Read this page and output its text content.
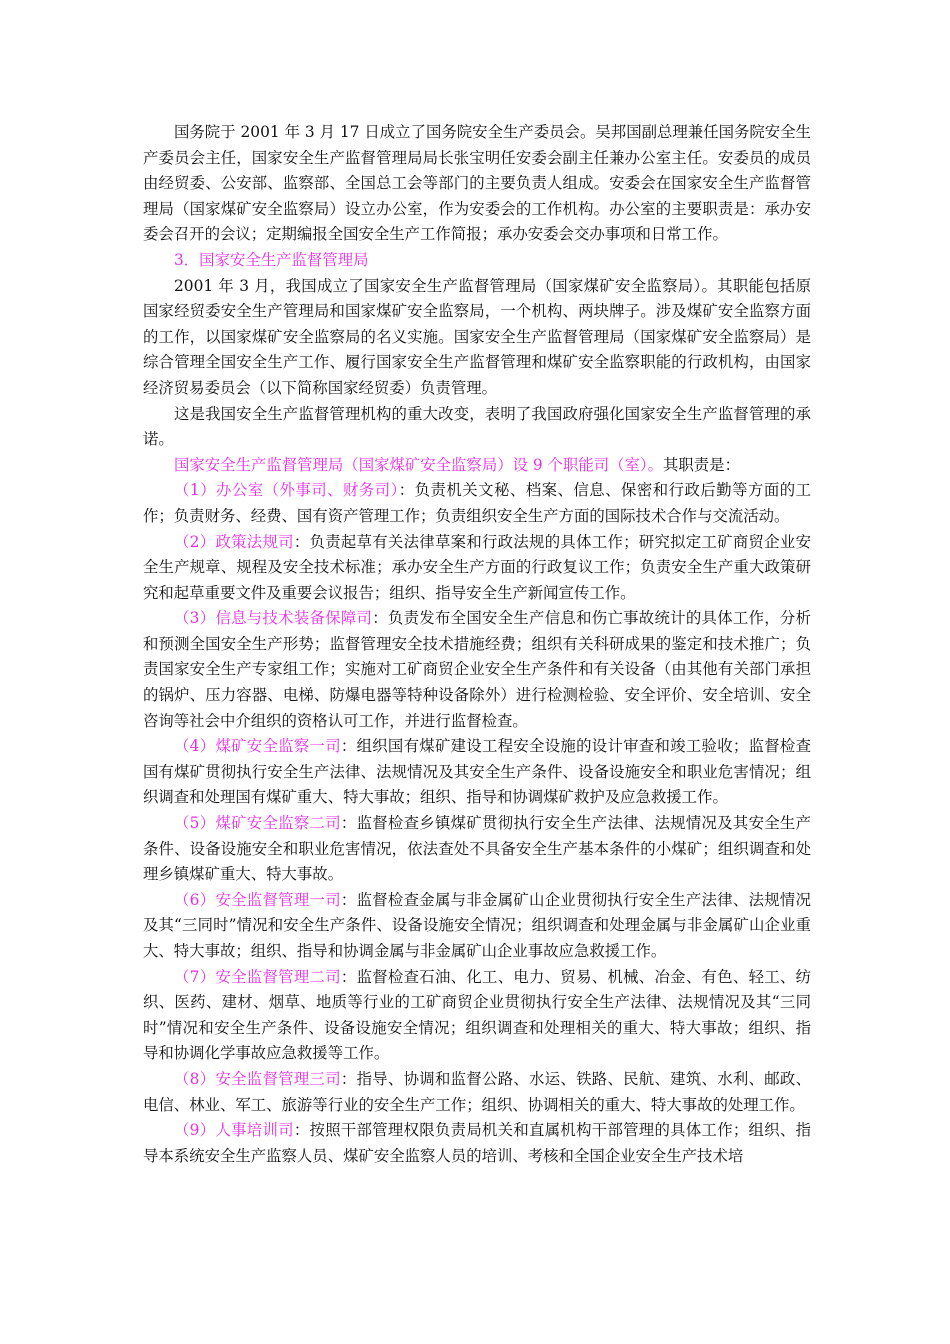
国务院于 2001 年 3 月 17 日成立了国务院安全生产委员会。吴邦国副总理兼任国务院安全生产委员会主任，国家安全生产监督管理局局长张宝明任安委会副主任兼办公室主任。安委员的成员由经贸委、公安部、监察部、全国总工会等部门的主要负责人组成。安委会在国家安全生产监督管理局（国家煤矿安全监察局）设立办公室，作为安委会的工作机构。办公室的主要职责是：承办安委会召开的会议；定期编报全国安全生产工作简报；承办安委会交办事项和日常工作。

3．国家安全生产监督管理局

2001 年 3 月，我国成立了国家安全生产监督管理局（国家煤矿安全监察局）。其职能包括原国家经贸委安全生产管理局和国家煤矿安全监察局，一个机构、两块牌子。涉及煤矿安全监察方面的工作，以国家煤矿安全监察局的名义实施。国家安全生产监督管理局（国家煤矿安全监察局）是综合管理全国安全生产工作、履行国家安全生产监督管理和煤矿安全监察职能的行政机构，由国家经济贸易委员会（以下简称国家经贸委）负责管理。

这是我国安全生产监督管理机构的重大改变，表明了我国政府强化国家安全生产监督管理的承诺。

国家安全生产监督管理局（国家煤矿安全监察局）设 9 个职能司（室）。其职责是：

（1）办公室（外事司、财务司）：负责机关文秘、档案、信息、保密和行政后勤等方面的工作；负责财务、经费、国有资产管理工作；负责组织安全生产方面的国际技术合作与交流活动。

（2）政策法规司：负责起草有关法律草案和行政法规的具体工作；研究拟定工矿商贸企业安全生产规章、规程及安全技术标准；承办安全生产方面的行政复议工作；负责安全生产重大政策研究和起草重要文件及重要会议报告；组织、指导安全生产新闻宣传工作。

（3）信息与技术装备保障司：负责发布全国安全生产信息和伤亡事故统计的具体工作，分析和预测全国安全生产形势；监督管理安全技术措施经费；组织有关科研成果的鉴定和技术推广；负责国家安全生产专家组工作；实施对工矿商贸企业安全生产条件和有关设备（由其他有关部门承担的锅炉、压力容器、电梯、防爆电器等特种设备除外）进行检测检验、安全评价、安全培训、安全咨询等社会中介组织的资格认可工作，并进行监督检查。

（4）煤矿安全监察一司：组织国有煤矿建设工程安全设施的设计审查和竣工验收；监督检查国有煤矿贯彻执行安全生产法律、法规情况及其安全生产条件、设备设施安全和职业危害情况；组织调查和处理国有煤矿重大、特大事故；组织、指导和协调煤矿救护及应急救援工作。

（5）煤矿安全监察二司：监督检查乡镇煤矿贯彻执行安全生产法律、法规情况及其安全生产条件、设备设施安全和职业危害情况，依法查处不具备安全生产基本条件的小煤矿；组织调查和处理乡镇煤矿重大、特大事故。

（6）安全监督管理一司：监督检查金属与非金属矿山企业贯彻执行安全生产法律、法规情况及其“三同时”情况和安全生产条件、设备设施安全情况；组织调查和处理金属与非金属矿山企业重大、特大事故；组织、指导和协调金属与非金属矿山企业事故应急救援工作。

（7）安全监督管理二司：监督检查石油、化工、电力、贸易、机械、冶金、有色、轻工、纺织、医药、建材、烟草、地质等行业的工矿商贸企业贯彻执行安全生产法律、法规情况及其“三同时”情况和安全生产条件、设备设施安全情况；组织调查和处理相关的重大、特大事故；组织、指导和协调化学事故应急救援等工作。

（8）安全监督管理三司：指导、协调和监督公路、水运、铁路、民航、建筑、水利、邮政、电信、林业、军工、旅游等行业的安全生产工作；组织、协调相关的重大、特大事故的处理工作。

（9）人事培训司：按照干部管理权限负责局机关和直属机构干部管理的具体工作；组织、指导本系统安全生产监察人员、煤矿安全监察人员的培训、考核和全国企业安全生产技术培
